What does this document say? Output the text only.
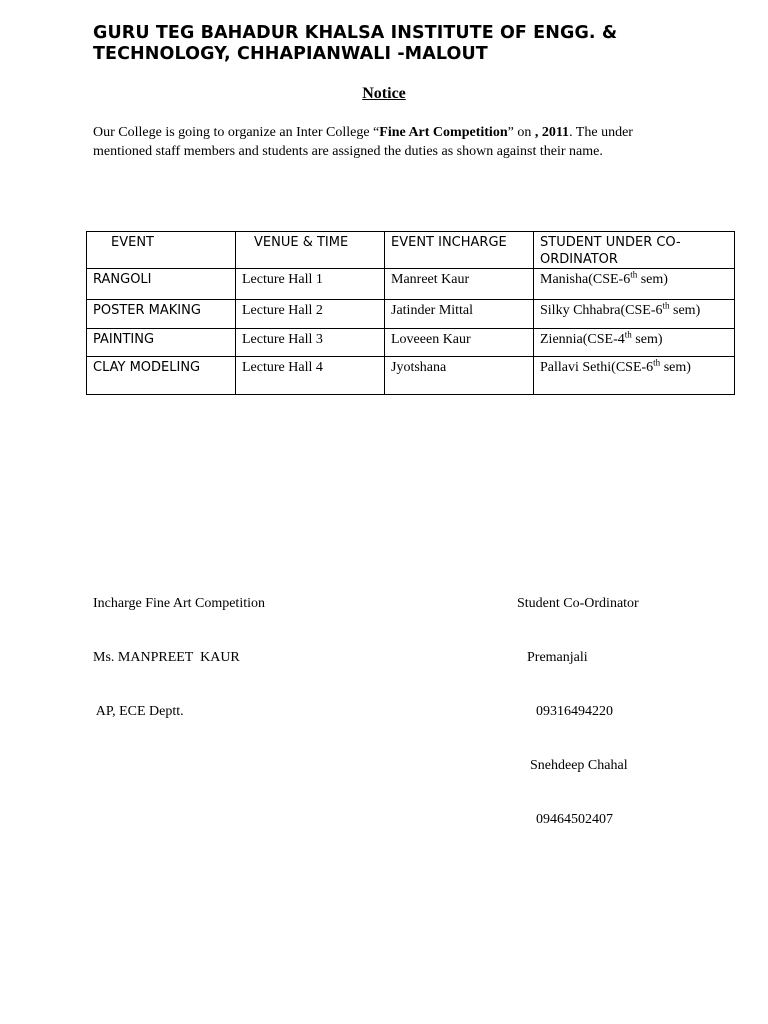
GURU TEG BAHADUR KHALSA INSTITUTE OF ENGG. &
TECHNOLOGY, CHHAPIANWALI -MALOUT
Notice
Our College is going to organize an Inter College “Fine Art Competition” on , 2011. The under mentioned staff members and students are assigned the duties as shown against their name.
EVENT	VENUE & TIME	EVENT INCHARGE	STUDENT UNDER CO-ORDINATOR
RANGOLI	Lecture Hall 1	Manreet Kaur	Manisha(CSE-6th sem)
POSTER MAKING	Lecture Hall 2	Jatinder Mittal	Silky Chhabra(CSE-6th sem)
PAINTING	Lecture Hall 3	Loveeen Kaur	Ziennia(CSE-4th sem)
CLAY MODELING	Lecture Hall 4	Jyotshana	Pallavi Sethi(CSE-6th sem)

Incharge Fine Art Competition

Ms. MANPREET  KAUR

AP, ECE Deptt.

Student Co-Ordinator

Premanjali

09316494220

Snehdeep Chahal

09464502407
